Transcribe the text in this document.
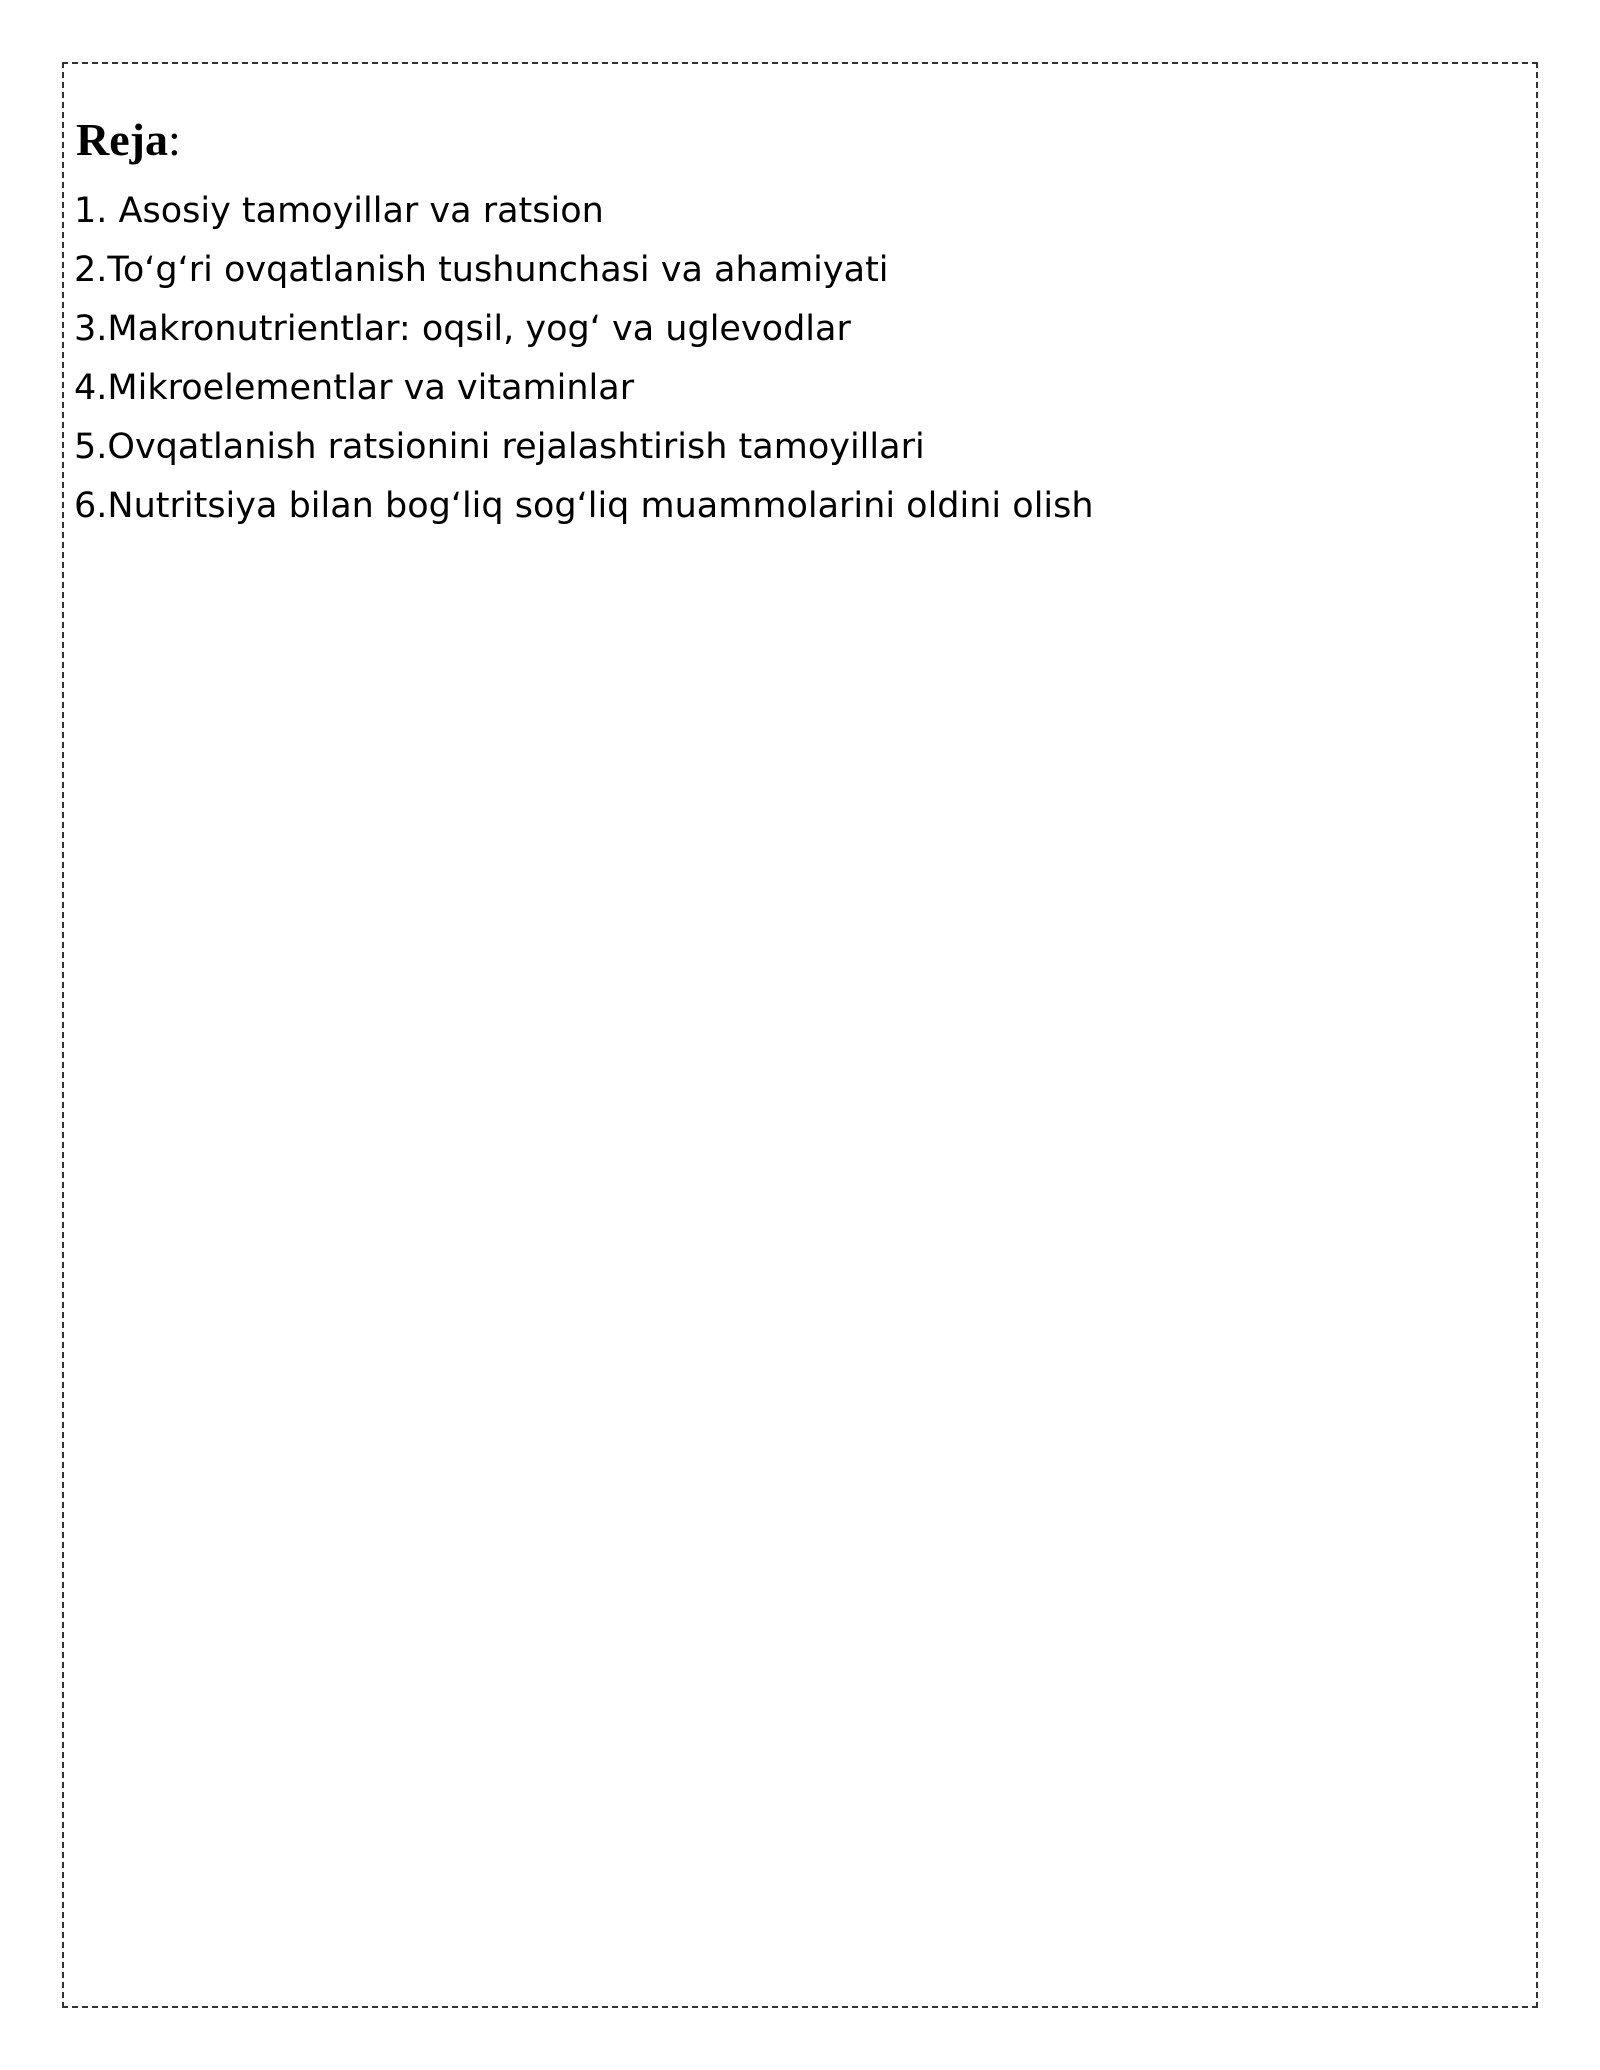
Reja:
1. Asosiy tamoyillar va ratsion
2.To‘g‘ri ovqatlanish tushunchasi va ahamiyati
3.Makronutrientlar: oqsil, yog‘ va uglevodlar
4.Mikroelementlar va vitaminlar
5.Ovqatlanish ratsionini rejalashtirish tamoyillari
6.Nutritsiya bilan bog‘liq sog‘liq muammolarini oldini olish
